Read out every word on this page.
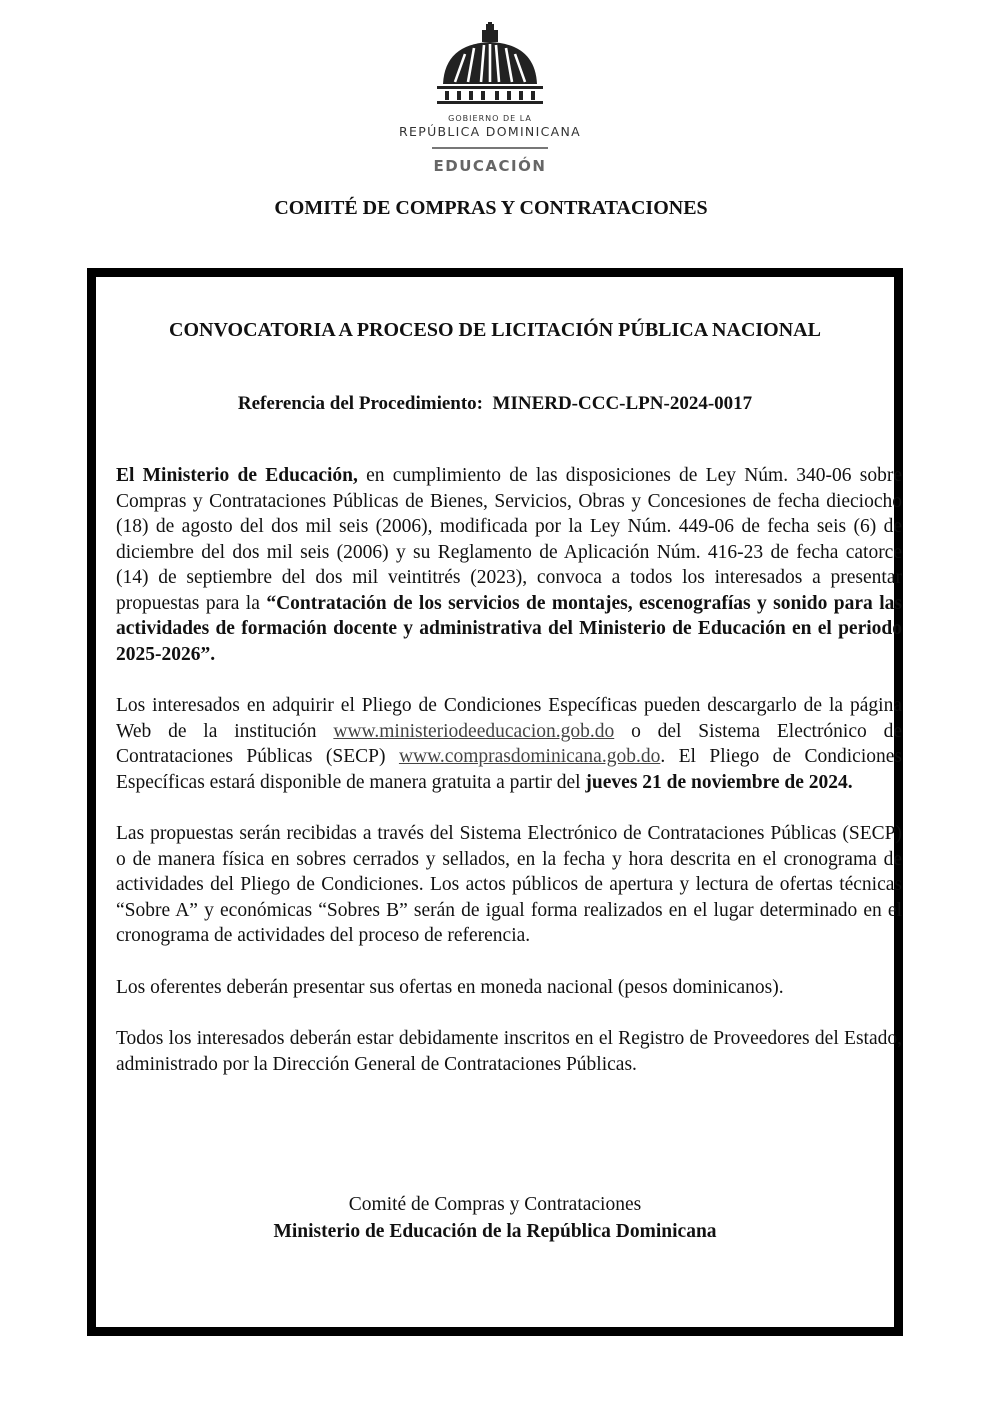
GOBIERNO DE LA
REPÚBLICA DOMINICANA
EDUCACIÓN
COMITÉ DE COMPRAS Y CONTRATACIONES
CONVOCATORIA A PROCESO DE LICITACIÓN PÚBLICA NACIONAL
Referencia del Procedimiento: MINERD-CCC-LPN-2024-0017

El Ministerio de Educación, en cumplimiento de las disposiciones de Ley Núm. 340-06 sobre Compras y Contrataciones Públicas de Bienes, Servicios, Obras y Concesiones de fecha dieciocho (18) de agosto del dos mil seis (2006), modificada por la Ley Núm. 449-06 de fecha seis (6) de diciembre del dos mil seis (2006) y su Reglamento de Aplicación Núm. 416-23 de fecha catorce (14) de septiembre del dos mil veintitrés (2023), convoca a todos los interesados a presentar propuestas para la “Contratación de los servicios de montajes, escenografías y sonido para las actividades de formación docente y administrativa del Ministerio de Educación en el periodo 2025-2026”.

Los interesados en adquirir el Pliego de Condiciones Específicas pueden descargarlo de la página Web de la institución www.ministeriodeeducacion.gob.do o del Sistema Electrónico de Contrataciones Públicas (SECP) www.comprasdominicana.gob.do. El Pliego de Condiciones Específicas estará disponible de manera gratuita a partir del jueves 21 de noviembre de 2024.

Las propuestas serán recibidas a través del Sistema Electrónico de Contrataciones Públicas (SECP) o de manera física en sobres cerrados y sellados, en la fecha y hora descrita en el cronograma de actividades del Pliego de Condiciones. Los actos públicos de apertura y lectura de ofertas técnicas “Sobre A” y económicas “Sobres B” serán de igual forma realizados en el lugar determinado en el cronograma de actividades del proceso de referencia.

Los oferentes deberán presentar sus ofertas en moneda nacional (pesos dominicanos).

Todos los interesados deberán estar debidamente inscritos en el Registro de Proveedores del Estado, administrado por la Dirección General de Contrataciones Públicas.

Comité de Compras y Contrataciones
Ministerio de Educación de la República Dominicana
